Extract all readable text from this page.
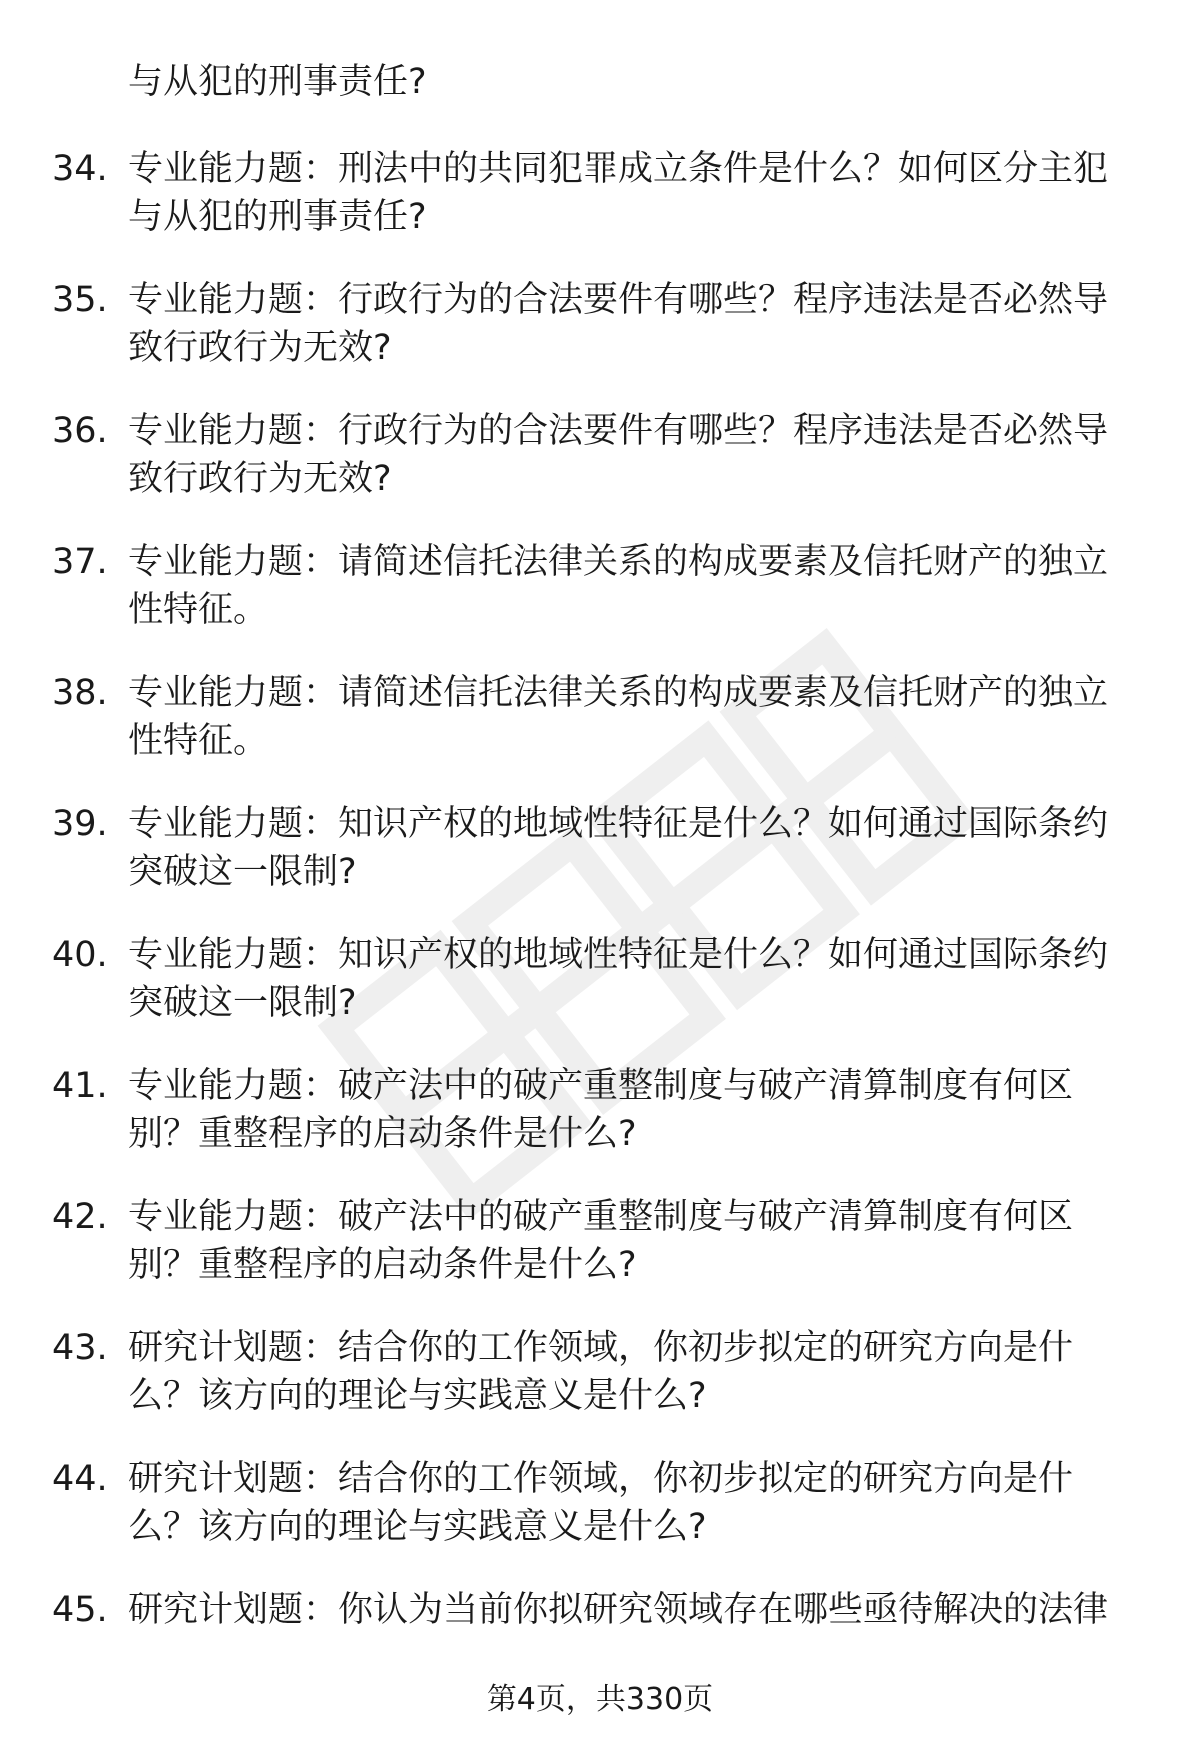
与从犯的刑事责任?
34. 专业能力题：刑法中的共同犯罪成立条件是什么？如何区分主犯
与从犯的刑事责任?
35. 专业能力题：行政行为的合法要件有哪些？程序违法是否必然导
致行政行为无效?
36. 专业能力题：行政行为的合法要件有哪些？程序违法是否必然导
致行政行为无效?
37. 专业能力题：请简述信托法律关系的构成要素及信托财产的独立
性特征。
38. 专业能力题：请简述信托法律关系的构成要素及信托财产的独立
性特征。
39. 专业能力题：知识产权的地域性特征是什么？如何通过国际条约
突破这一限制?
40. 专业能力题：知识产权的地域性特征是什么？如何通过国际条约
突破这一限制?
41. 专业能力题：破产法中的破产重整制度与破产清算制度有何区
别？重整程序的启动条件是什么?
42. 专业能力题：破产法中的破产重整制度与破产清算制度有何区
别？重整程序的启动条件是什么?
43. 研究计划题：结合你的工作领域，你初步拟定的研究方向是什
么？该方向的理论与实践意义是什么?
44. 研究计划题：结合你的工作领域，你初步拟定的研究方向是什
么？该方向的理论与实践意义是什么?
45. 研究计划题：你认为当前你拟研究领域存在哪些亟待解决的法律
第4页，共330页
